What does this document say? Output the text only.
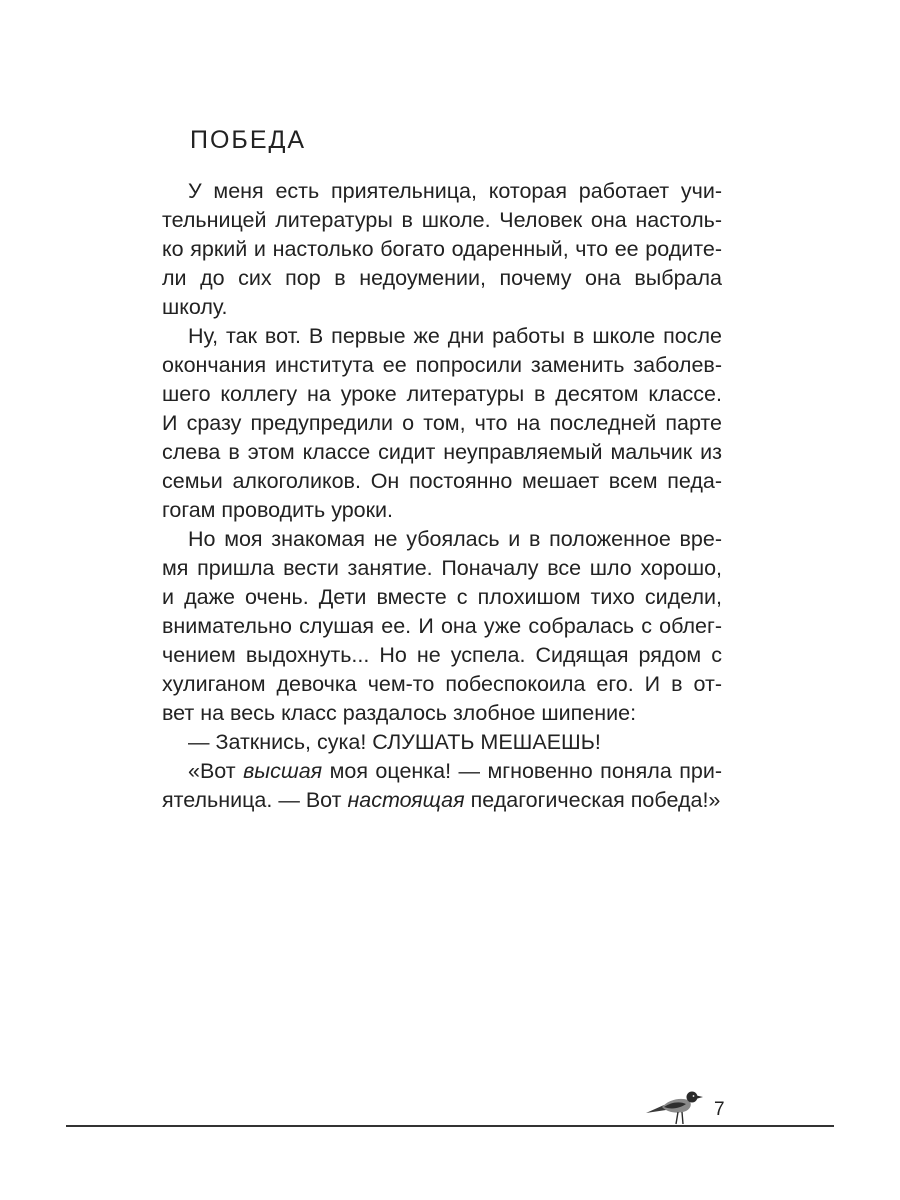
ПОБЕДА
У меня есть приятельница, которая работает учи-
тельницей литературы в школе. Человек она настоль-
ко яркий и настолько богато одаренный, что ее родите-
ли до сих пор в недоумении, почему она выбрала
школу.
Ну, так вот. В первые же дни работы в школе после
окончания института ее попросили заменить заболев-
шего коллегу на уроке литературы в десятом классе.
И сразу предупредили о том, что на последней парте
слева в этом классе сидит неуправляемый мальчик из
семьи алкоголиков. Он постоянно мешает всем педа-
гогам проводить уроки.
Но моя знакомая не убоялась и в положенное вре-
мя пришла вести занятие. Поначалу все шло хорошо,
и даже очень. Дети вместе с плохишом тихо сидели,
внимательно слушая ее. И она уже собралась с облег-
чением выдохнуть... Но не успела. Сидящая рядом с
хулиганом девочка чем-то побеспокоила его. И в от-
вет на весь класс раздалось злобное шипение:
— Заткнись, сука! СЛУШАТЬ МЕШАЕШЬ!
«Вот высшая моя оценка! — мгновенно поняла при-
ятельница. — Вот настоящая педагогическая победа!»
7
